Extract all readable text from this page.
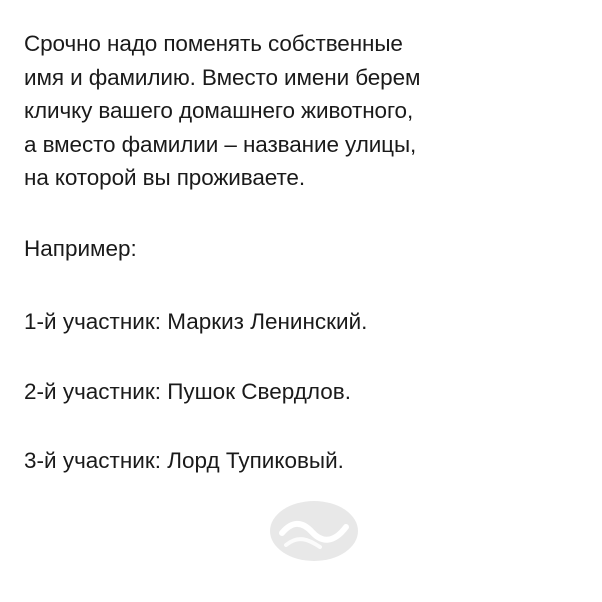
Срочно надо поменять собственные
имя и фамилию. Вместо имени берем
кличку вашего домашнего животного,
а вместо фамилии – название улицы,
на которой вы проживаете.

Например:
1-й участник: Маркиз Ленинский.
2-й участник: Пушок Свердлов.
3-й участник: Лорд Тупиковый.
